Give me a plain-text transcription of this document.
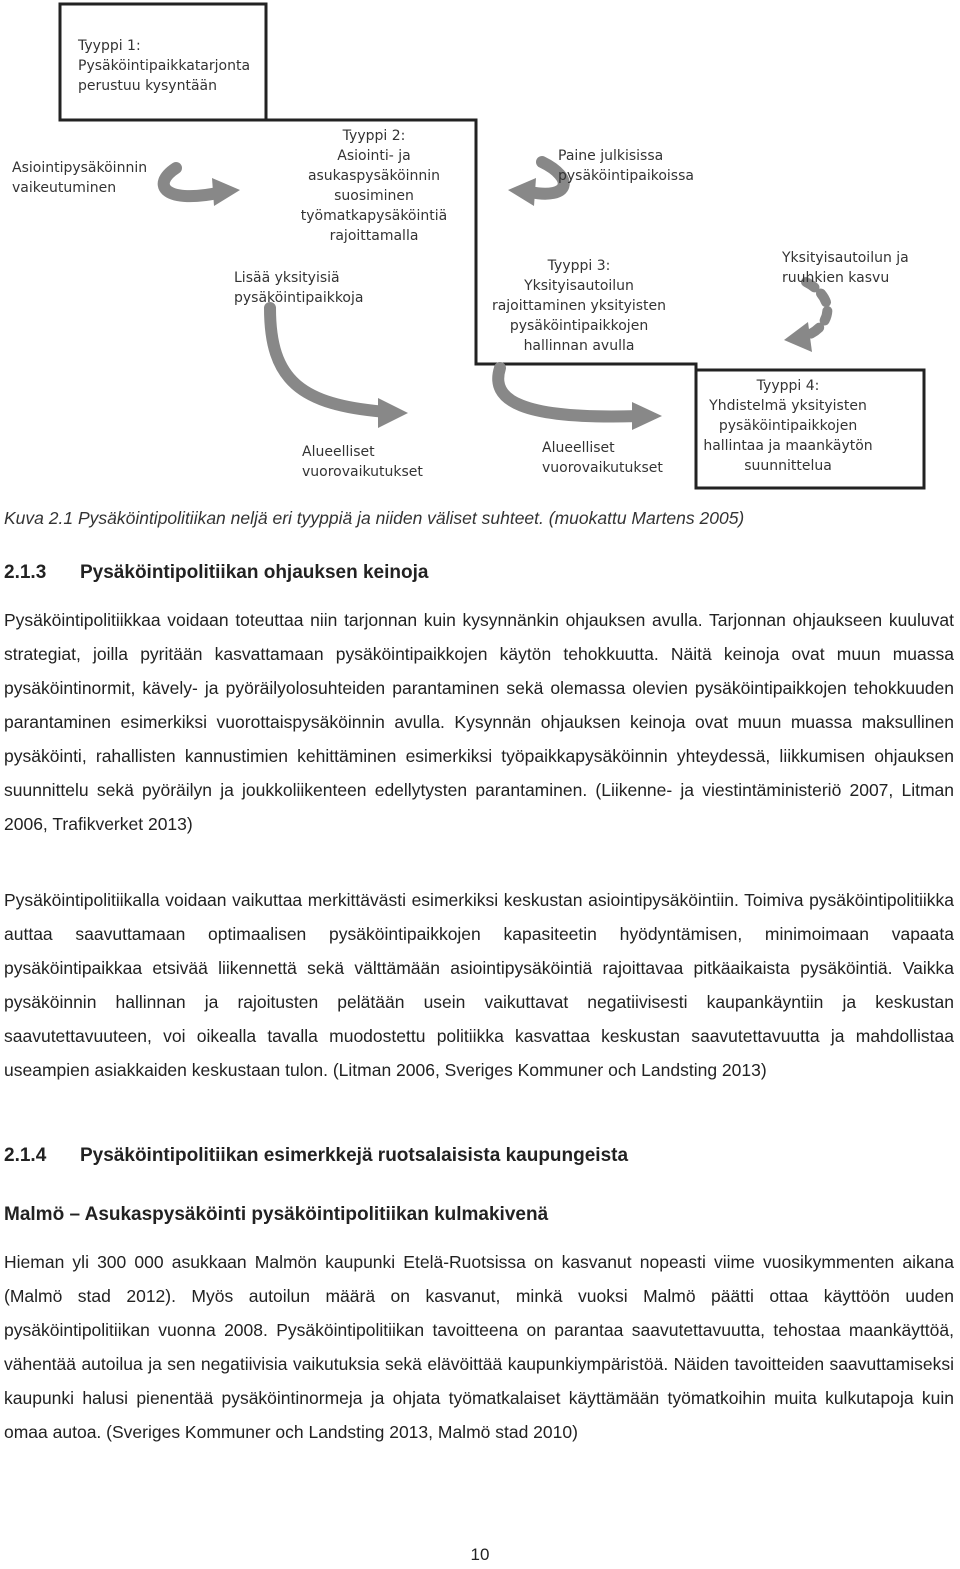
Tyyppi 1:
Pysäköintipaikkatarjonta
perustuu kysyntään
Tyyppi 2:
Asiointi- ja
asukaspysäköinnin
suosiminen
työmatkapysäköintiä
rajoittamalla
Tyyppi 3:
Yksityisautoilun
rajoittaminen yksityisten
pysäköintipaikkojen
hallinnan avulla
Tyyppi 4:
Yhdistelmä yksityisten
pysäköintipaikkojen
hallintaa ja maankäytön
suunnittelua
Asiointipysäköinnin
vaikeutuminen
Paine julkisissa
pysäköintipaikoissa
Lisää yksityisiä
pysäköintipaikkoja
Yksityisautoilun ja
ruuhkien kasvu
Alueelliset
vuorovaikutukset
Alueelliset
vuorovaikutukset
Kuva 2.1 Pysäköintipolitiikan neljä eri tyyppiä ja niiden väliset suhteet. (muokattu Martens 2005)
2.1.3 Pysäköintipolitiikan ohjauksen keinoja
Pysäköintipolitiikkaa voidaan toteuttaa niin tarjonnan kuin kysynnänkin ohjauksen avulla. Tarjonnan ohjaukseen kuuluvat strategiat, joilla pyritään kasvattamaan pysäköintipaikkojen käytön tehokkuutta. Näitä keinoja ovat muun muassa pysäköintinormit, kävely- ja pyöräilyolosuhteiden parantaminen sekä olemassa olevien pysäköintipaikkojen tehokkuuden parantaminen esimerkiksi vuorottaispysäköinnin avulla. Kysynnän ohjauksen keinoja ovat muun muassa maksullinen pysäköinti, rahallisten kannustimien kehittäminen esimerkiksi työpaikkapysäköinnin yhteydessä, liikkumisen ohjauksen suunnittelu sekä pyöräilyn ja joukkoliikenteen edellytysten parantaminen. (Liikenne- ja viestintäministeriö 2007, Litman 2006, Trafikverket 2013)
Pysäköintipolitiikalla voidaan vaikuttaa merkittävästi esimerkiksi keskustan asiointipysäköintiin. Toimiva pysäköintipolitiikka auttaa saavuttamaan optimaalisen pysäköintipaikkojen kapasiteetin hyödyntämisen, minimoimaan vapaata pysäköintipaikkaa etsivää liikennettä sekä välttämään asiointipysäköintiä rajoittavaa pitkäaikaista pysäköintiä. Vaikka pysäköinnin hallinnan ja rajoitusten pelätään usein vaikuttavat negatiivisesti kaupankäyntiin ja keskustan saavutettavuuteen, voi oikealla tavalla muodostettu politiikka kasvattaa keskustan saavutettavuutta ja mahdollistaa useampien asiakkaiden keskustaan tulon. (Litman 2006, Sveriges Kommuner och Landsting 2013)
2.1.4 Pysäköintipolitiikan esimerkkejä ruotsalaisista kaupungeista
Malmö – Asukaspysäköinti pysäköintipolitiikan kulmakivenä
Hieman yli 300 000 asukkaan Malmön kaupunki Etelä-Ruotsissa on kasvanut nopeasti viime vuosikymmenten aikana (Malmö stad 2012). Myös autoilun määrä on kasvanut, minkä vuoksi Malmö päätti ottaa käyttöön uuden pysäköintipolitiikan vuonna 2008. Pysäköintipolitiikan tavoitteena on parantaa saavutettavuutta, tehostaa maankäyttöä, vähentää autoilua ja sen negatiivisia vaikutuksia sekä elävöittää kaupunkiympäristöä. Näiden tavoitteiden saavuttamiseksi kaupunki halusi pienentää pysäköintinormeja ja ohjata työmatkalaiset käyttämään työmatkoihin muita kulkutapoja kuin omaa autoa. (Sveriges Kommuner och Landsting 2013, Malmö stad 2010)
10
